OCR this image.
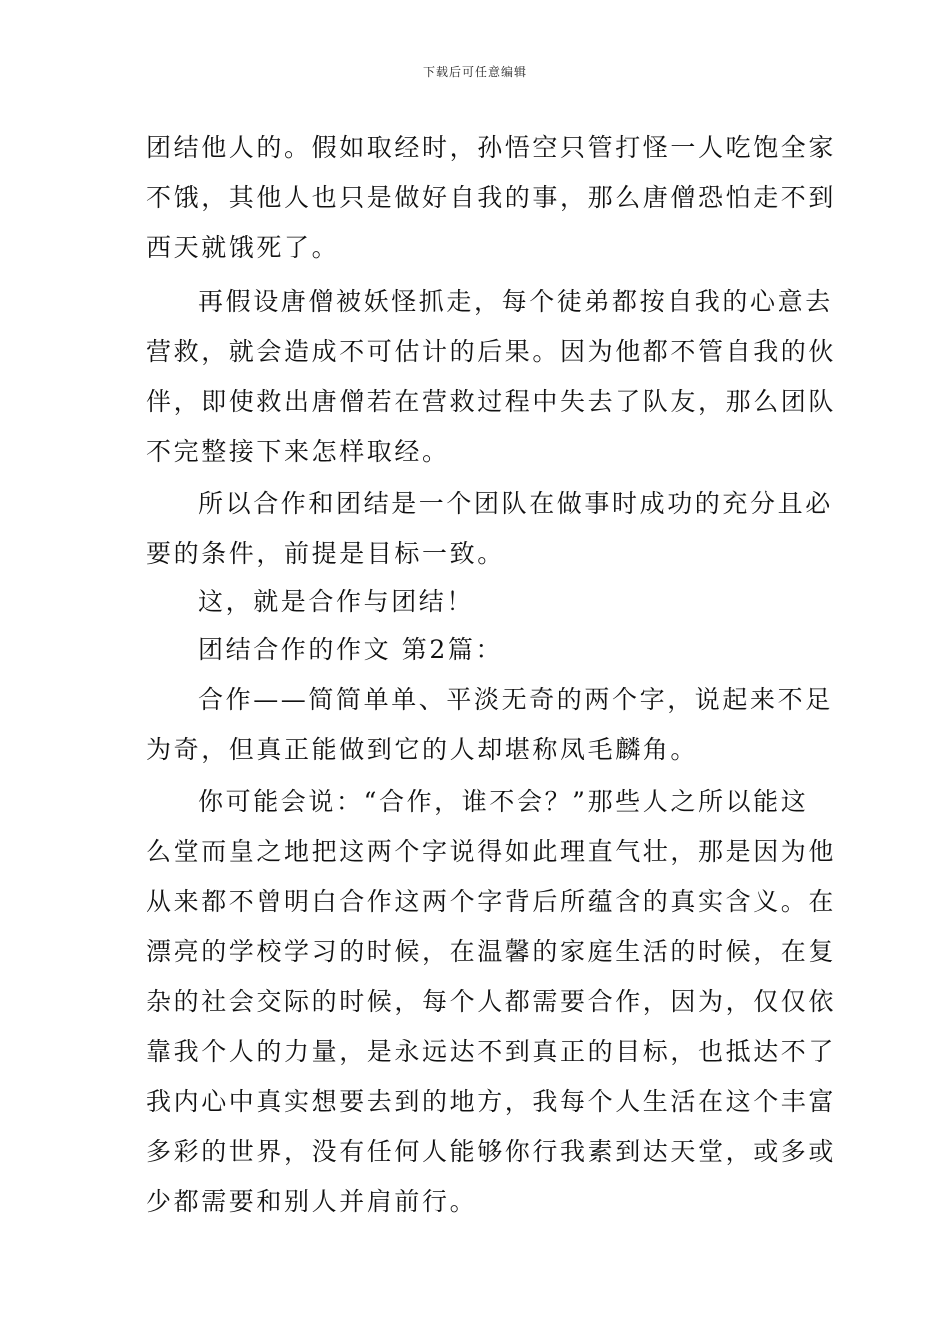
下载后可任意编辑
团结他人的。假如取经时，孙悟空只管打怪一人吃饱全家
不饿，其他人也只是做好自我的事，那么唐僧恐怕走不到
西天就饿死了。
再假设唐僧被妖怪抓走，每个徒弟都按自我的心意去
营救，就会造成不可估计的后果。因为他都不管自我的伙
伴，即使救出唐僧若在营救过程中失去了队友，那么团队
不完整接下来怎样取经。
所以合作和团结是一个团队在做事时成功的充分且必
要的条件，前提是目标一致。
这，就是合作与团结！
团结合作的作文 第2篇：
合作——简简单单、平淡无奇的两个字，说起来不足
为奇，但真正能做到它的人却堪称凤毛麟角。
你可能会说：“合作，谁不会？”那些人之所以能这
么堂而皇之地把这两个字说得如此理直气壮，那是因为他
从来都不曾明白合作这两个字背后所蕴含的真实含义。在
漂亮的学校学习的时候，在温馨的家庭生活的时候，在复
杂的社会交际的时候，每个人都需要合作，因为，仅仅依
靠我个人的力量，是永远达不到真正的目标，也抵达不了
我内心中真实想要去到的地方，我每个人生活在这个丰富
多彩的世界，没有任何人能够你行我素到达天堂，或多或
少都需要和别人并肩前行。
